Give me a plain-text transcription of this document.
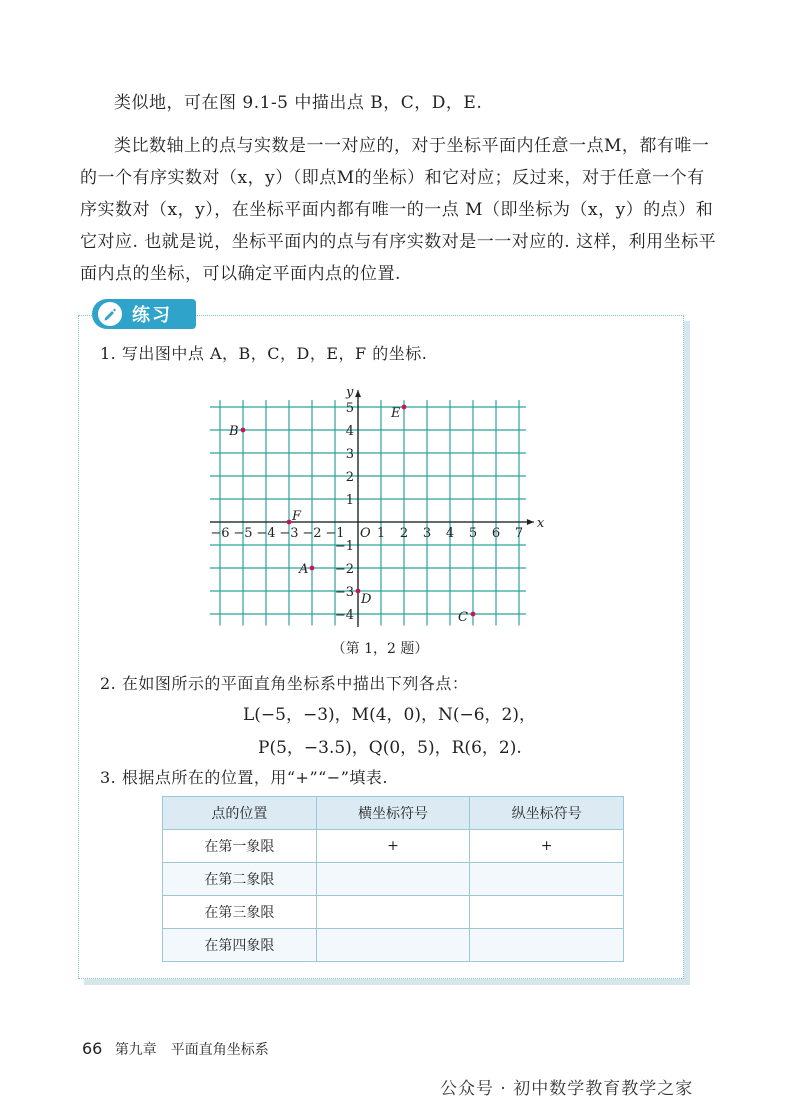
类似地，可在图 9.1-5 中描出点 B，C，D，E.

类比数轴上的点与实数是一一对应的，对于坐标平面内任意一点M，都有唯一的一个有序实数对（x，y）（即点M的坐标）和它对应；反过来，对于任意一个有序实数对（x，y），在坐标平面内都有唯一的一点 M（即坐标为（x，y）的点）和它对应. 也就是说，坐标平面内的点与有序实数对是一一对应的. 这样，利用坐标平面内点的坐标，可以确定平面内点的位置.

练习
1. 写出图中点 A，B，C，D，E，F 的坐标.
x
y
−6 −5 −4 −3 −2 −1 1 2 3 4 5 6 7
−4
−3
−2
−1
1
2
3
4
5
O
A
B
C
D
E
F
（第 1，2 题）
2. 在如图所示的平面直角坐标系中描出下列各点：
L(−5，−3)，M(4，0)，N(−6，2)，
P(5，−3.5)，Q(0，5)，R(6，2).
3. 根据点所在的位置，用“+”“−”填表.
点的位置	横坐标符号	纵坐标符号
在第一象限	+	+
在第二象限		
在第三象限		
在第四象限		
66 第九章　平面直角坐标系
公众号 · 初中数学教育教学之家
